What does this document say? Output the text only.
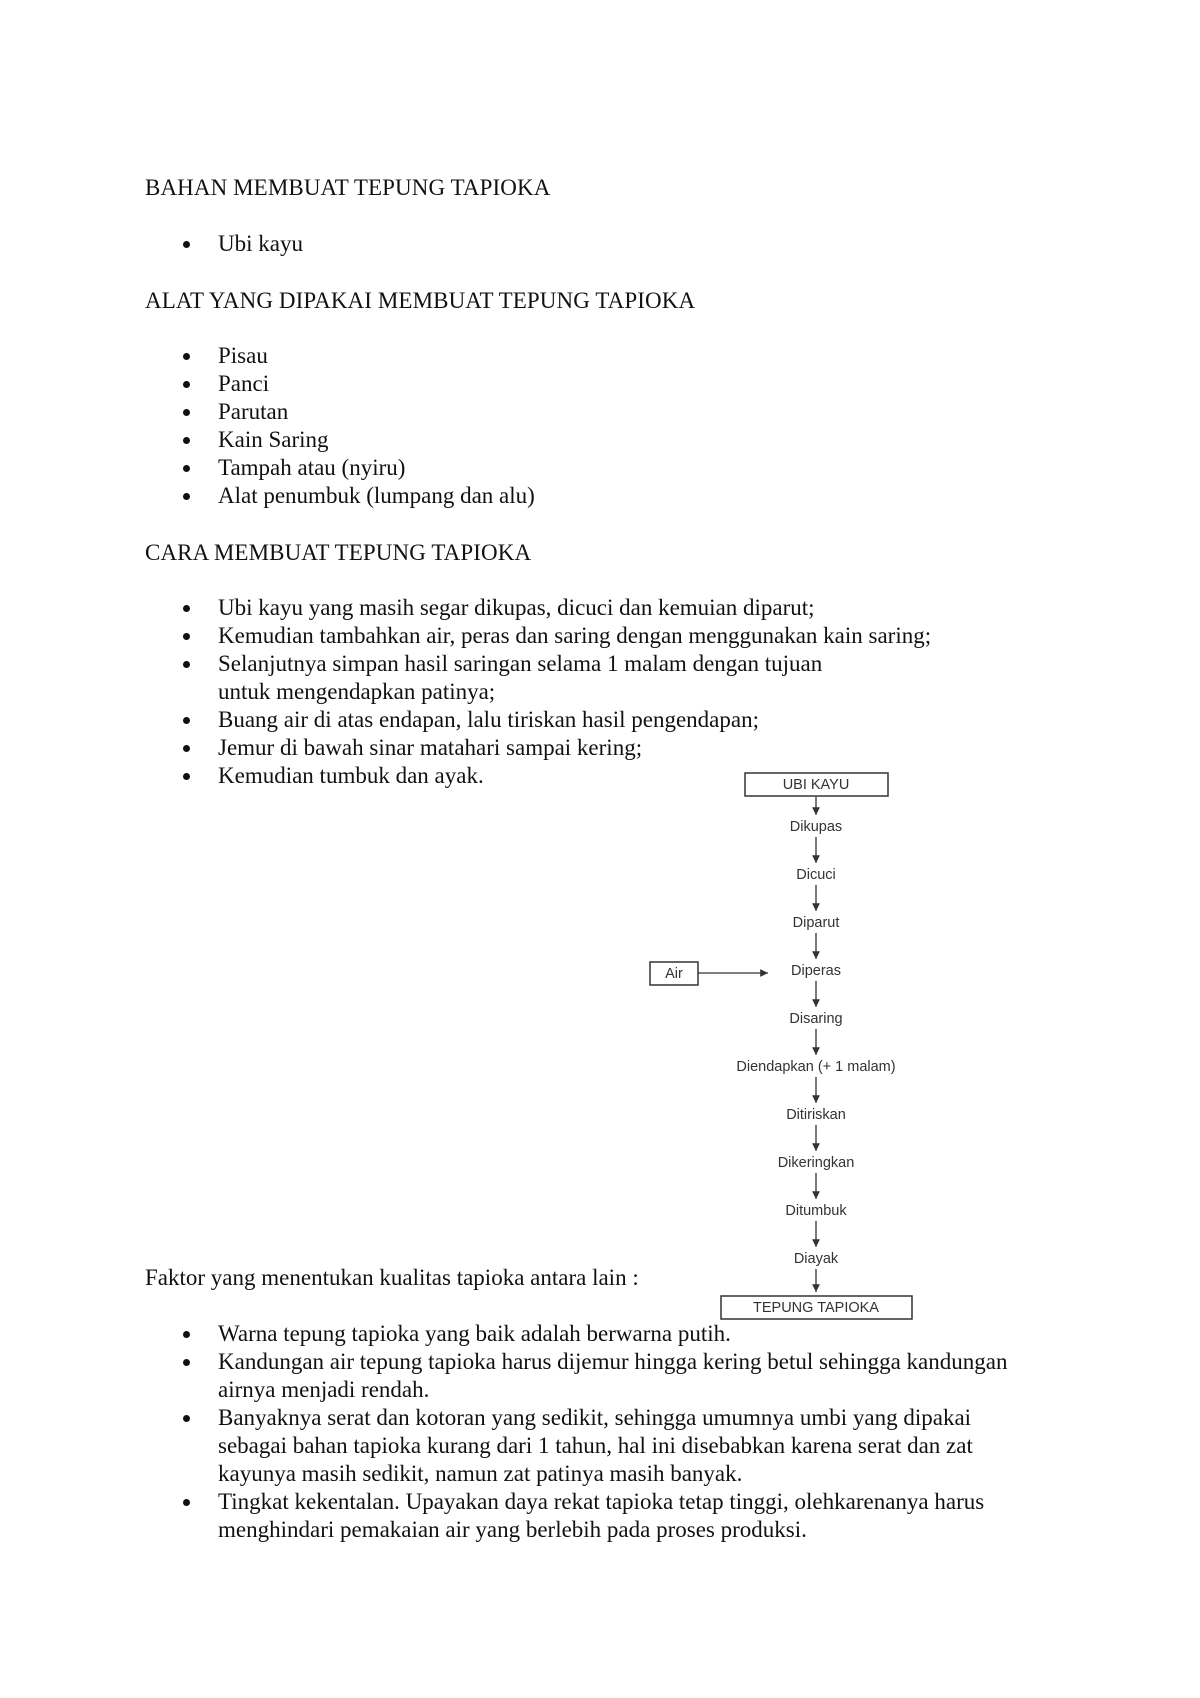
BAHAN MEMBUAT TEPUNG TAPIOKA
Ubi kayu
ALAT YANG DIPAKAI MEMBUAT TEPUNG TAPIOKA
Pisau
Panci
Parutan
Kain Saring
Tampah atau (nyiru)
Alat penumbuk (lumpang dan alu)
CARA MEMBUAT TEPUNG TAPIOKA
Ubi kayu yang masih segar dikupas, dicuci dan kemuian diparut;
Kemudian tambahkan air, peras dan saring dengan menggunakan kain saring;
Selanjutnya simpan hasil saringan selama 1 malam dengan tujuan untuk mengendapkan patinya;
Buang air di atas endapan, lalu tiriskan hasil pengendapan;
Jemur di bawah sinar matahari sampai kering;
Kemudian tumbuk dan ayak.	UBI KAYU
Dikupas
Dicuci
Diparut
Diperas
Disaring
Diendapkan (+ 1 malam)
Ditiriskan
Dikeringkan
Ditumbuk
Diayak
Air
TEPUNG TAPIOKA

Faktor yang menentukan kualitas tapioka antara lain :

Warna tepung tapioka yang baik adalah berwarna putih.
Kandungan air tepung tapioka harus dijemur hingga kering betul sehingga kandungan airnya menjadi rendah.
Banyaknya serat dan kotoran yang sedikit, sehingga umumnya umbi yang dipakai sebagai bahan tapioka kurang dari 1 tahun, hal ini disebabkan karena serat dan zat kayunya masih sedikit, namun zat patinya masih banyak.
Tingkat kekentalan. Upayakan daya rekat tapioka tetap tinggi, olehkarenanya harus menghindari pemakaian air yang berlebih pada proses produksi.
